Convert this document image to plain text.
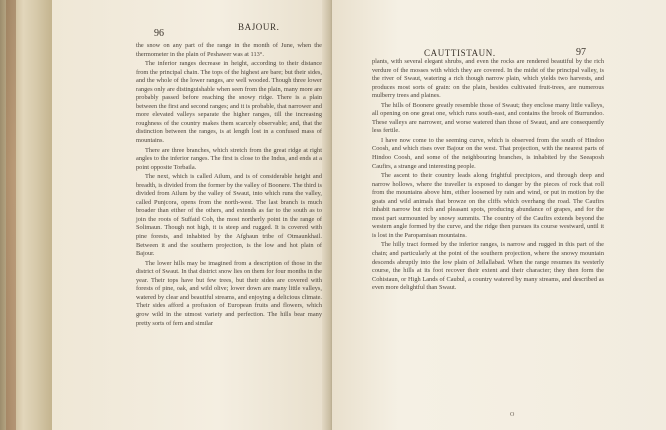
96
BAJOUR.

the snow on any part of the range in the month of June, when the thermometer in the plain of Peshawer was at 113°.

The inferior ranges decrease in height, according to their distance from the principal chain. The tops of the highest are bare; but their sides, and the whole of the lower ranges, are well wooded. Though three lower ranges only are distinguishable when seen from the plain, many more are probably passed before reaching the snowy ridge. There is a plain between the first and second ranges; and it is probable, that narrower and more elevated valleys separate the higher ranges, till the increasing roughness of the country makes them scarcely observable; and, that the distinction between the ranges, is at length lost in a confused mass of mountains.

There are three branches, which stretch from the great ridge at right angles to the inferior ranges. The first is close to the Indus, and ends at a point opposite Torbaila.

The next, which is called Ailum, and is of considerable height and breadth, is divided from the former by the valley of Boonere. The third is divided from Ailum by the valley of Swaut, into which runs the valley, called Punjcora, opens from the north-west. The last branch is much broader than either of the others, and extends as far to the south as to join the roots of Suffaid Coh, the most northerly point in the range of Solimaun. Though not high, it is steep and rugged. It is covered with pine forests, and inhabited by the Afghaun tribe of Otmaunkhail. Between it and the southern projection, is the low and hot plain of Bajour.

The lower hills may be imagined from a description of those in the district of Swaut. In that district snow lies on them for four months in the year. Their tops have but few trees, but their sides are covered with forests of pine, oak, and wild olive; lower down are many little valleys, watered by clear and beautiful streams, and enjoying a delicious climate. Their sides afford a profusion of European fruits and flowers, which grow wild in the utmost variety and perfection. The hills bear many pretty sorts of fern and similar

CAUTTISTAUN.	97

plants, with several elegant shrubs, and even the rocks are rendered beautiful by the rich verdure of the mosses with which they are covered. In the midst of the principal valley, is the river of Swaut, watering a rich though narrow plain, which yields two harvests, and produces most sorts of grain: on the plain, besides cultivated fruit-trees, are numerous mulberry trees and plaines.

The hills of Boonere greatly resemble those of Swaut; they enclose many little valleys, all opening on one great one, which runs south-east, and contains the brook of Burrundoo. These valleys are narrower, and worse watered than those of Swaut, and are consequently less fertile.

I have now come to the seeming curve, which is observed from the south of Hindoo Coosh, and which rises over Bajour on the west. That projection, with the nearest parts of Hindoo Coosh, and some of the neighbouring branches, is inhabited by the Seeaposh Caufirs, a strange and interesting people.

The ascent to their country leads along frightful precipices, and through deep and narrow hollows, where the traveller is exposed to danger by the pieces of rock that roll from the mountains above him, either loosened by rain and wind, or put in motion by the goats and wild animals that browze on the cliffs which overhang the road. The Caufirs inhabit narrow but rich and pleasant spots, producing abundance of grapes, and for the most part surmounted by snowy summits. The country of the Caufirs extends beyond the western angle formed by the curve, and the ridge then pursues its course westward, until it is lost in the Paropamisan mountains.

The hilly tract formed by the inferior ranges, is narrow and rugged in this part of the chain; and particularly at the point of the southern projection, where the snowy mountain descends abruptly into the low plain of Jellallabad. When the range resumes its westerly course, the hills at its foot recover their extent and their character; they then form the Cohistaun, or High Lands of Caubul, a country watered by many streams, and described as even more delightful than Swaut.

O
